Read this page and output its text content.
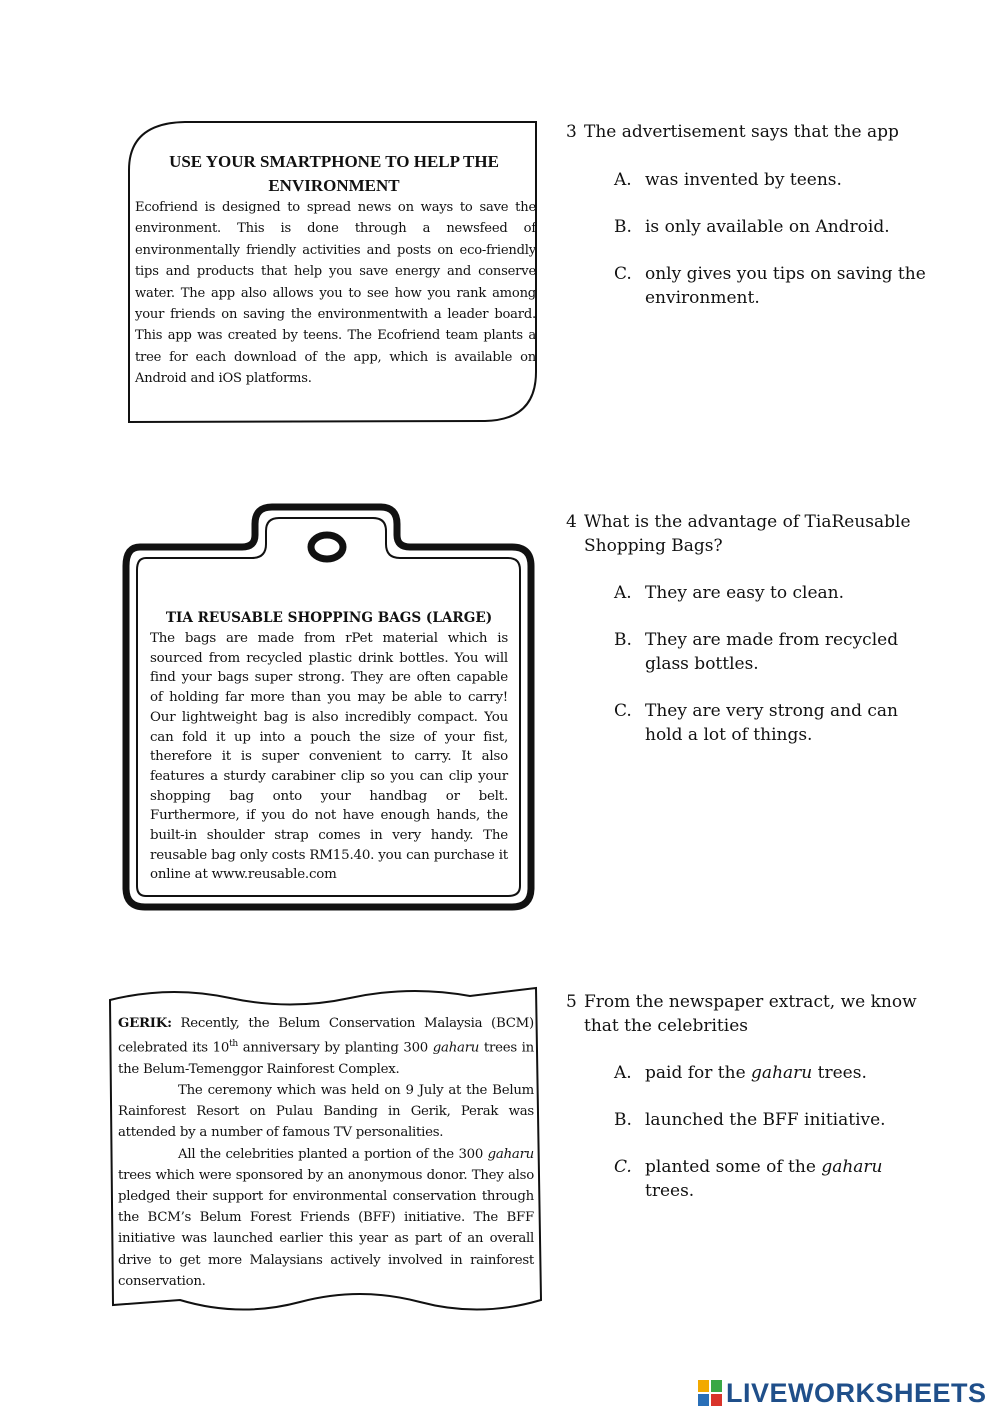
USE YOUR SMARTPHONE TO HELP THE ENVIRONMENT

Ecofriend is designed to spread news on ways to save the environment. This is done through a newsfeed of environmentally friendly activities and posts on eco-friendly tips and products that help you save energy and conserve water. The app also allows you to see how you rank among your friends on saving the environmentwith a leader board. This app was created by teens. The Ecofriend team plants a tree for each download of the app, which is available on Android and iOS platforms.

TIA REUSABLE SHOPPING BAGS (LARGE)

The bags are made from rPet material which is sourced from recycled plastic drink bottles. You will find your bags super strong. They are often capable of holding far more than you may be able to carry! Our lightweight bag is also incredibly compact. You can fold it up into a pouch the size of your fist, therefore it is super convenient to carry. It also features a sturdy carabiner clip so you can clip your shopping bag onto your handbag or belt. Furthermore, if you do not have enough hands, the built-in shoulder strap comes in very handy. The reusable bag only costs RM15.40. you can purchase it online at www.reusable.com

GERIK: Recently, the Belum Conservation Malaysia (BCM) celebrated its 10th anniversary by planting 300 gaharu trees in the Belum-Temenggor Rainforest Complex.

The ceremony which was held on 9 July at the Belum Rainforest Resort on Pulau Banding in Gerik, Perak was attended by a number of famous TV personalities.

All the celebrities planted a portion of the 300 gaharu trees which were sponsored by an anonymous donor. They also pledged their support for environmental conservation through the BCM’s Belum Forest Friends (BFF) initiative. The BFF initiative was launched earlier this year as part of an overall drive to get more Malaysians actively involved in rainforest conservation.

3 The advertisement says that the app
A. was invented by teens.
B. is only available on Android.
C. only gives you tips on saving the environment.
4 What is the advantage of TiaReusable Shopping Bags?
A. They are easy to clean.
B. They are made from recycled glass bottles.
C. They are very strong and can hold a lot of things.
5 From the newspaper extract, we know that the celebrities
A. paid for the gaharu trees.
B. launched the BFF initiative.
C. planted some of the gaharu trees.
LIVEWORKSHEETS
